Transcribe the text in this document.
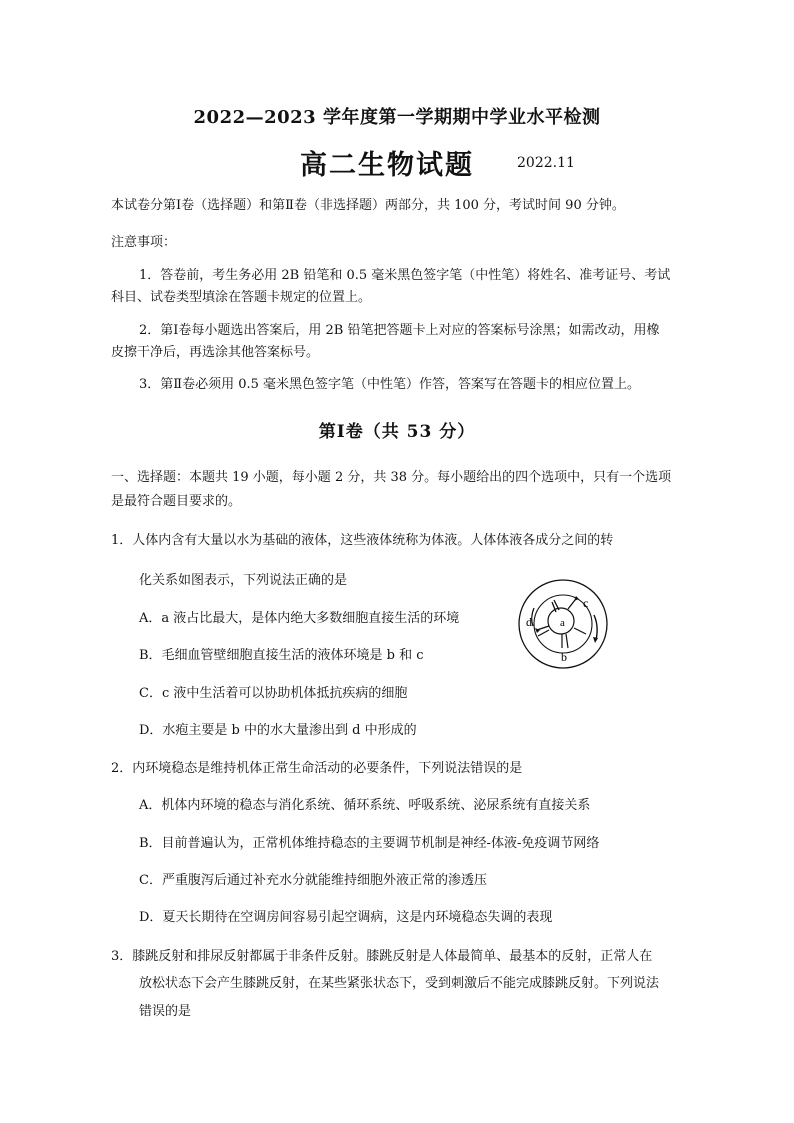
2022—2023 学年度第一学期期中学业水平检测
高二生物试题	2022.11
本试卷分第Ⅰ卷（选择题）和第Ⅱ卷（非选择题）两部分，共 100 分，考试时间 90 分钟。
注意事项：
1．答卷前，考生务必用 2B 铅笔和 0.5 毫米黑色签字笔（中性笔）将姓名、准考证号、考试
科目、试卷类型填涂在答题卡规定的位置上。
2．第Ⅰ卷每小题选出答案后，用 2B 铅笔把答题卡上对应的答案标号涂黑；如需改动，用橡
皮擦干净后，再选涂其他答案标号。
3．第Ⅱ卷必须用 0.5 毫米黑色签字笔（中性笔）作答，答案写在答题卡的相应位置上。
第Ⅰ卷（共 53 分）
一、选择题：本题共 19 小题，每小题 2 分，共 38 分。每小题给出的四个选项中，只有一个选项
是最符合题目要求的。
1．人体内含有大量以水为基础的液体，这些液体统称为体液。人体体液各成分之间的转
化关系如图表示，下列说法正确的是
A．a 液占比最大，是体内绝大多数细胞直接生活的环境
B．毛细血管壁细胞直接生活的液体环境是 b 和 c
C．c 液中生活着可以协助机体抵抗疾病的细胞
D．水疱主要是 b 中的水大量渗出到 d 中形成的
a
b
c
d
2．内环境稳态是维持机体正常生命活动的必要条件，下列说法错误的是
A．机体内环境的稳态与消化系统、循环系统、呼吸系统、泌尿系统有直接关系
B．目前普遍认为，正常机体维持稳态的主要调节机制是神经-体液-免疫调节网络
C．严重腹泻后通过补充水分就能维持细胞外液正常的渗透压
D．夏天长期待在空调房间容易引起空调病，这是内环境稳态失调的表现
3．膝跳反射和排尿反射都属于非条件反射。膝跳反射是人体最简单、最基本的反射，正常人在
放松状态下会产生膝跳反射，在某些紧张状态下，受到刺激后不能完成膝跳反射。下列说法
错误的是
